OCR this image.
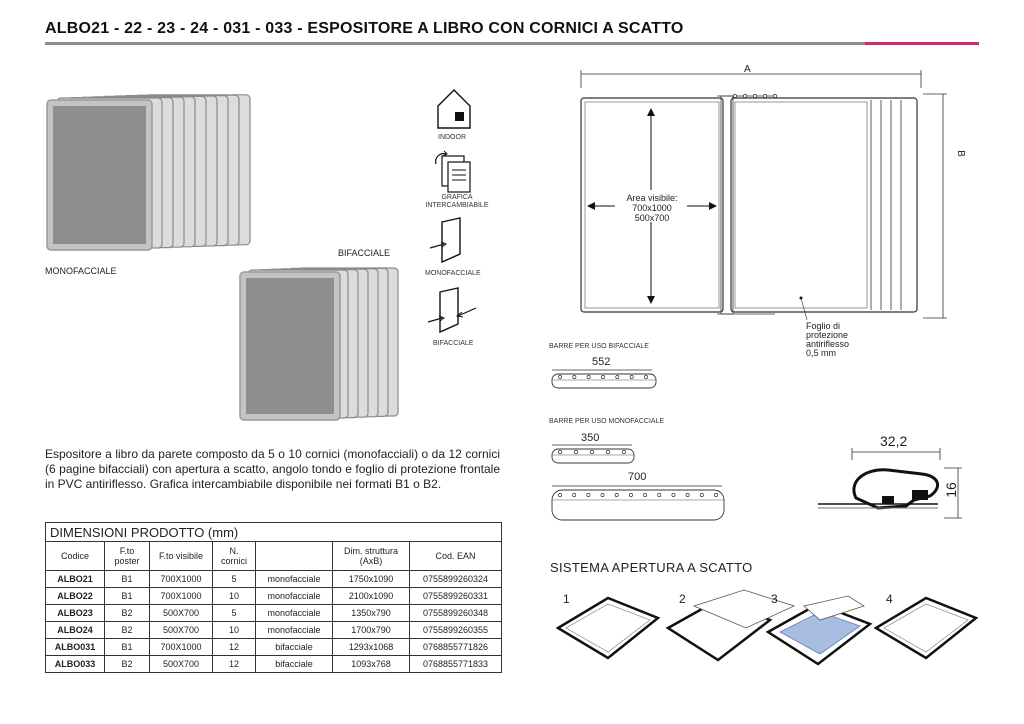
ALBO21 - 22 - 23 - 24 - 031 - 033 - ESPOSITORE A LIBRO CON CORNICI A SCATTO
MONOFACCIALE
BIFACCIALE
INDOOR
GRAFICA INTERCAMBIABILE
MONOFACCIALE
BIFACCIALE
A
B
Area visibile:
700x1000
500x700
Foglio di
protezione
antiriflesso
0,5 mm
BARRE PER USO BIFACCIALE
552
BARRE PER USO MONOFACCIALE
350
700
32,2
16
Espositore a libro da parete composto da 5 o 10 cornici (monofacciali) o da 12 cornici (6 pagine bifacciali) con apertura a scatto, angolo tondo e foglio di protezione frontale in PVC antiriflesso. Grafica intercambiabile disponibile nei formati B1 o B2.
DIMENSIONI PRODOTTO (mm)						
Codice	F.to poster	F.to visibile	N. cornici		Dim. struttura (AxB)	Cod. EAN
ALBO21	B1	700X1000	5	monofacciale	1750x1090	0755899260324
ALBO22	B1	700X1000	10	monofacciale	2100x1090	0755899260331
ALBO23	B2	500X700	5	monofacciale	1350x790	0755899260348
ALBO24	B2	500X700	10	monofacciale	1700x790	0755899260355
ALBO031	B1	700X1000	12	bifacciale	1293x1068	0768855771826
ALBO033	B2	500X700	12	bifacciale	1093x768	0768855771833
SISTEMA APERTURA A SCATTO
1	2	3	4
